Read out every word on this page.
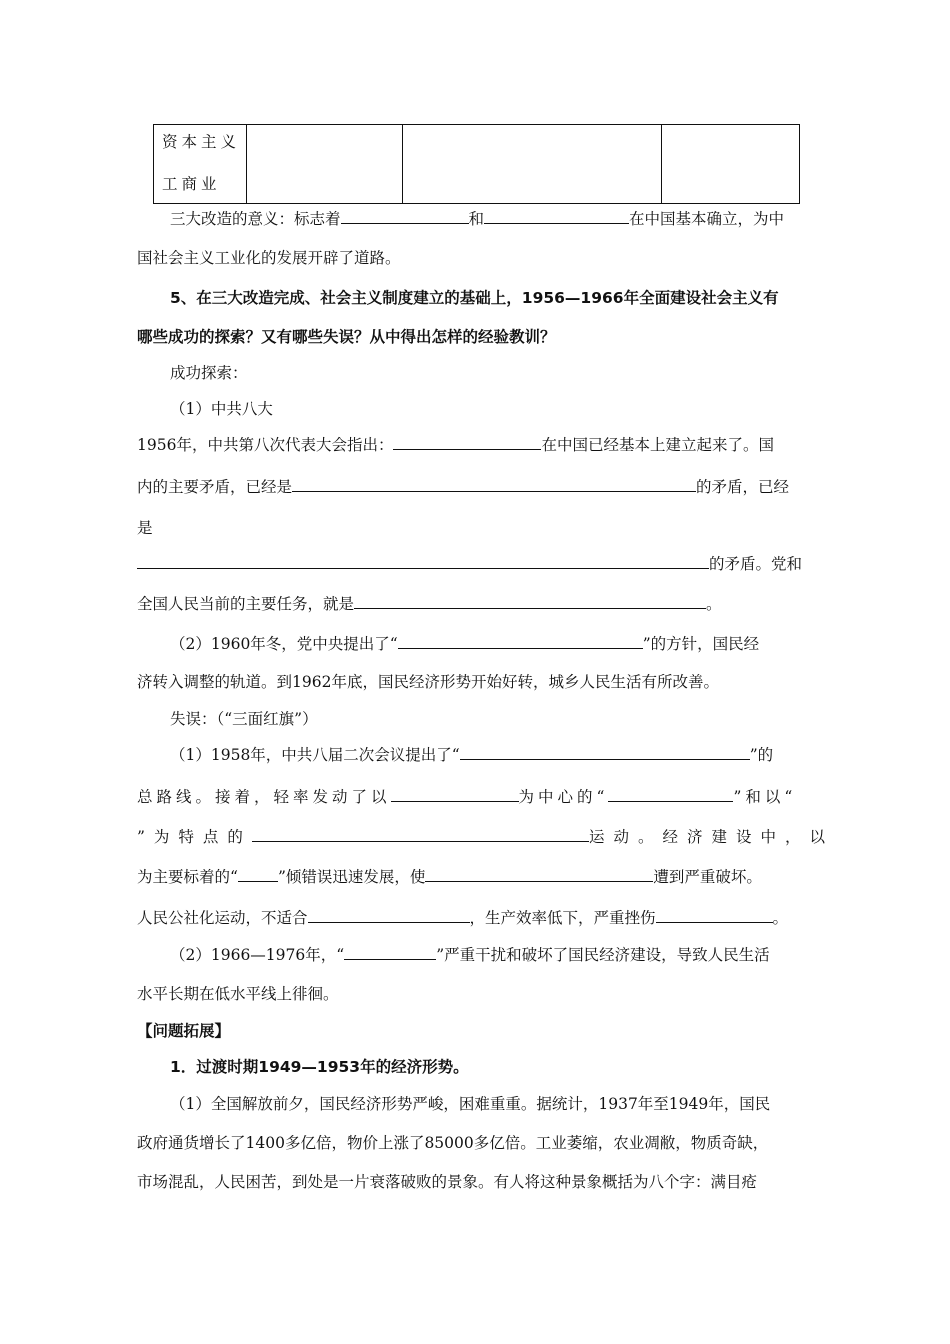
资本主义
工商业

三大改造的意义：标志着	和	在中国基本确立，为中
国社会主义工业化的发展开辟了道路。
5、在三大改造完成、社会主义制度建立的基础上，1956—1966年全面建设社会主义有
哪些成功的探索？又有哪些失误？从中得出怎样的经验教训？
成功探索：
（1）中共八大
1956年，中共第八次代表大会指出：	在中国已经基本上建立起来了。国
内的主要矛盾，已经是	的矛盾，已经
是
的矛盾。党和
全国人民当前的主要任务，就是	。
（2）1960年冬，党中央提出了“	”的方针，国民经
济转入调整的轨道。到1962年底，国民经济形势开始好转，城乡人民生活有所改善。
失误：（“三面红旗”）
（1）1958年，中共八届二次会议提出了“	”的
总路线。接着，轻率发动了以	为中心的“	”和以“
”为特点的	运动。经济建设中，以
为主要标着的“	”倾错误迅速发展，使	遭到严重破坏。
人民公社化运动，不适合	，生产效率低下，严重挫伤	。
（2）1966—1976年，“	”严重干扰和破坏了国民经济建设，导致人民生活
水平长期在低水平线上徘徊。
【问题拓展】
1．过渡时期1949—1953年的经济形势。
（1）全国解放前夕，国民经济形势严峻，困难重重。据统计，1937年至1949年，国民
政府通货增长了1400多亿倍，物价上涨了85000多亿倍。工业萎缩，农业凋敝，物质奇缺，
市场混乱，人民困苦，到处是一片衰落破败的景象。有人将这种景象概括为八个字：满目疮
